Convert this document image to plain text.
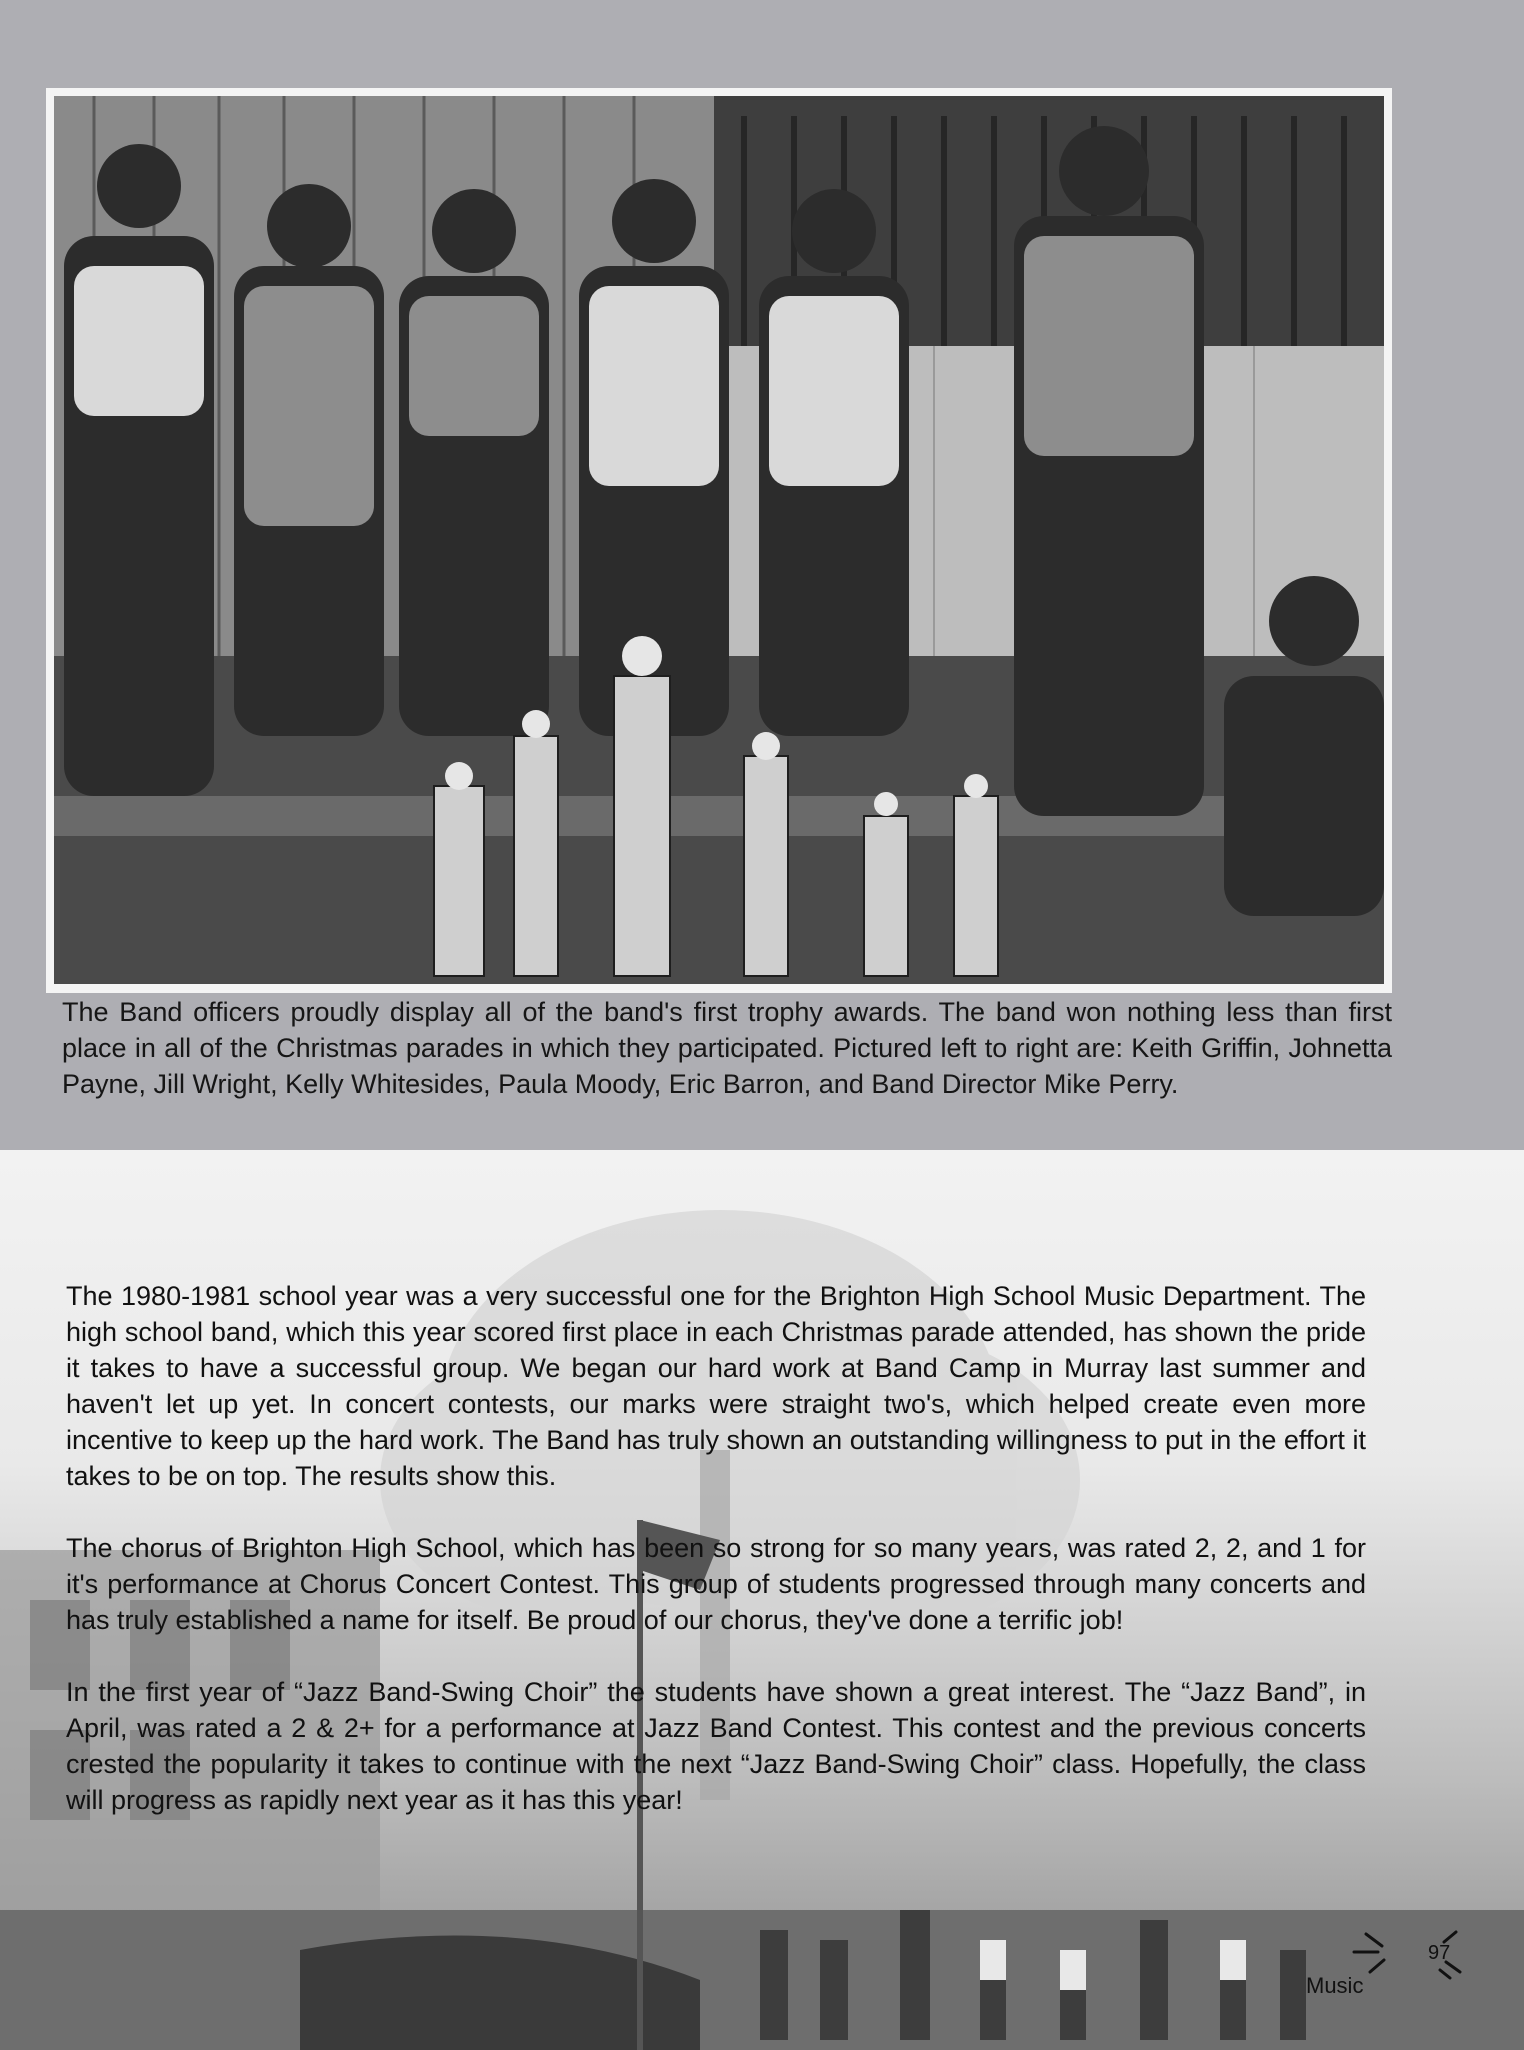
The Band officers proudly display all of the band's first trophy awards. The band won nothing less than first place in all of the Christmas parades in which they participated. Pictured left to right are: Keith Griffin, Johnetta Payne, Jill Wright, Kelly Whitesides, Paula Moody, Eric Barron, and Band Director Mike Perry.

The 1980-1981 school year was a very successful one for the Brighton High School Music Department. The high school band, which this year scored first place in each Christmas parade attended, has shown the pride it takes to have a successful group. We began our hard work at Band Camp in Murray last summer and haven't let up yet. In concert contests, our marks were straight two's, which helped create even more incentive to keep up the hard work. The Band has truly shown an outstanding willingness to put in the effort it takes to be on top. The results show this.

The chorus of Brighton High School, which has been so strong for so many years, was rated 2, 2, and 1 for it's performance at Chorus Concert Contest. This group of students progressed through many concerts and has truly established a name for itself. Be proud of our chorus, they've done a terrific job!

In the first year of “Jazz Band-Swing Choir” the students have shown a great interest. The “Jazz Band”, in April, was rated a 2 & 2+ for a performance at Jazz Band Contest. This contest and the previous concerts crested the popularity it takes to continue with the next “Jazz Band-Swing Choir” class. Hopefully, the class will progress as rapidly next year as it has this year!

97
Music
